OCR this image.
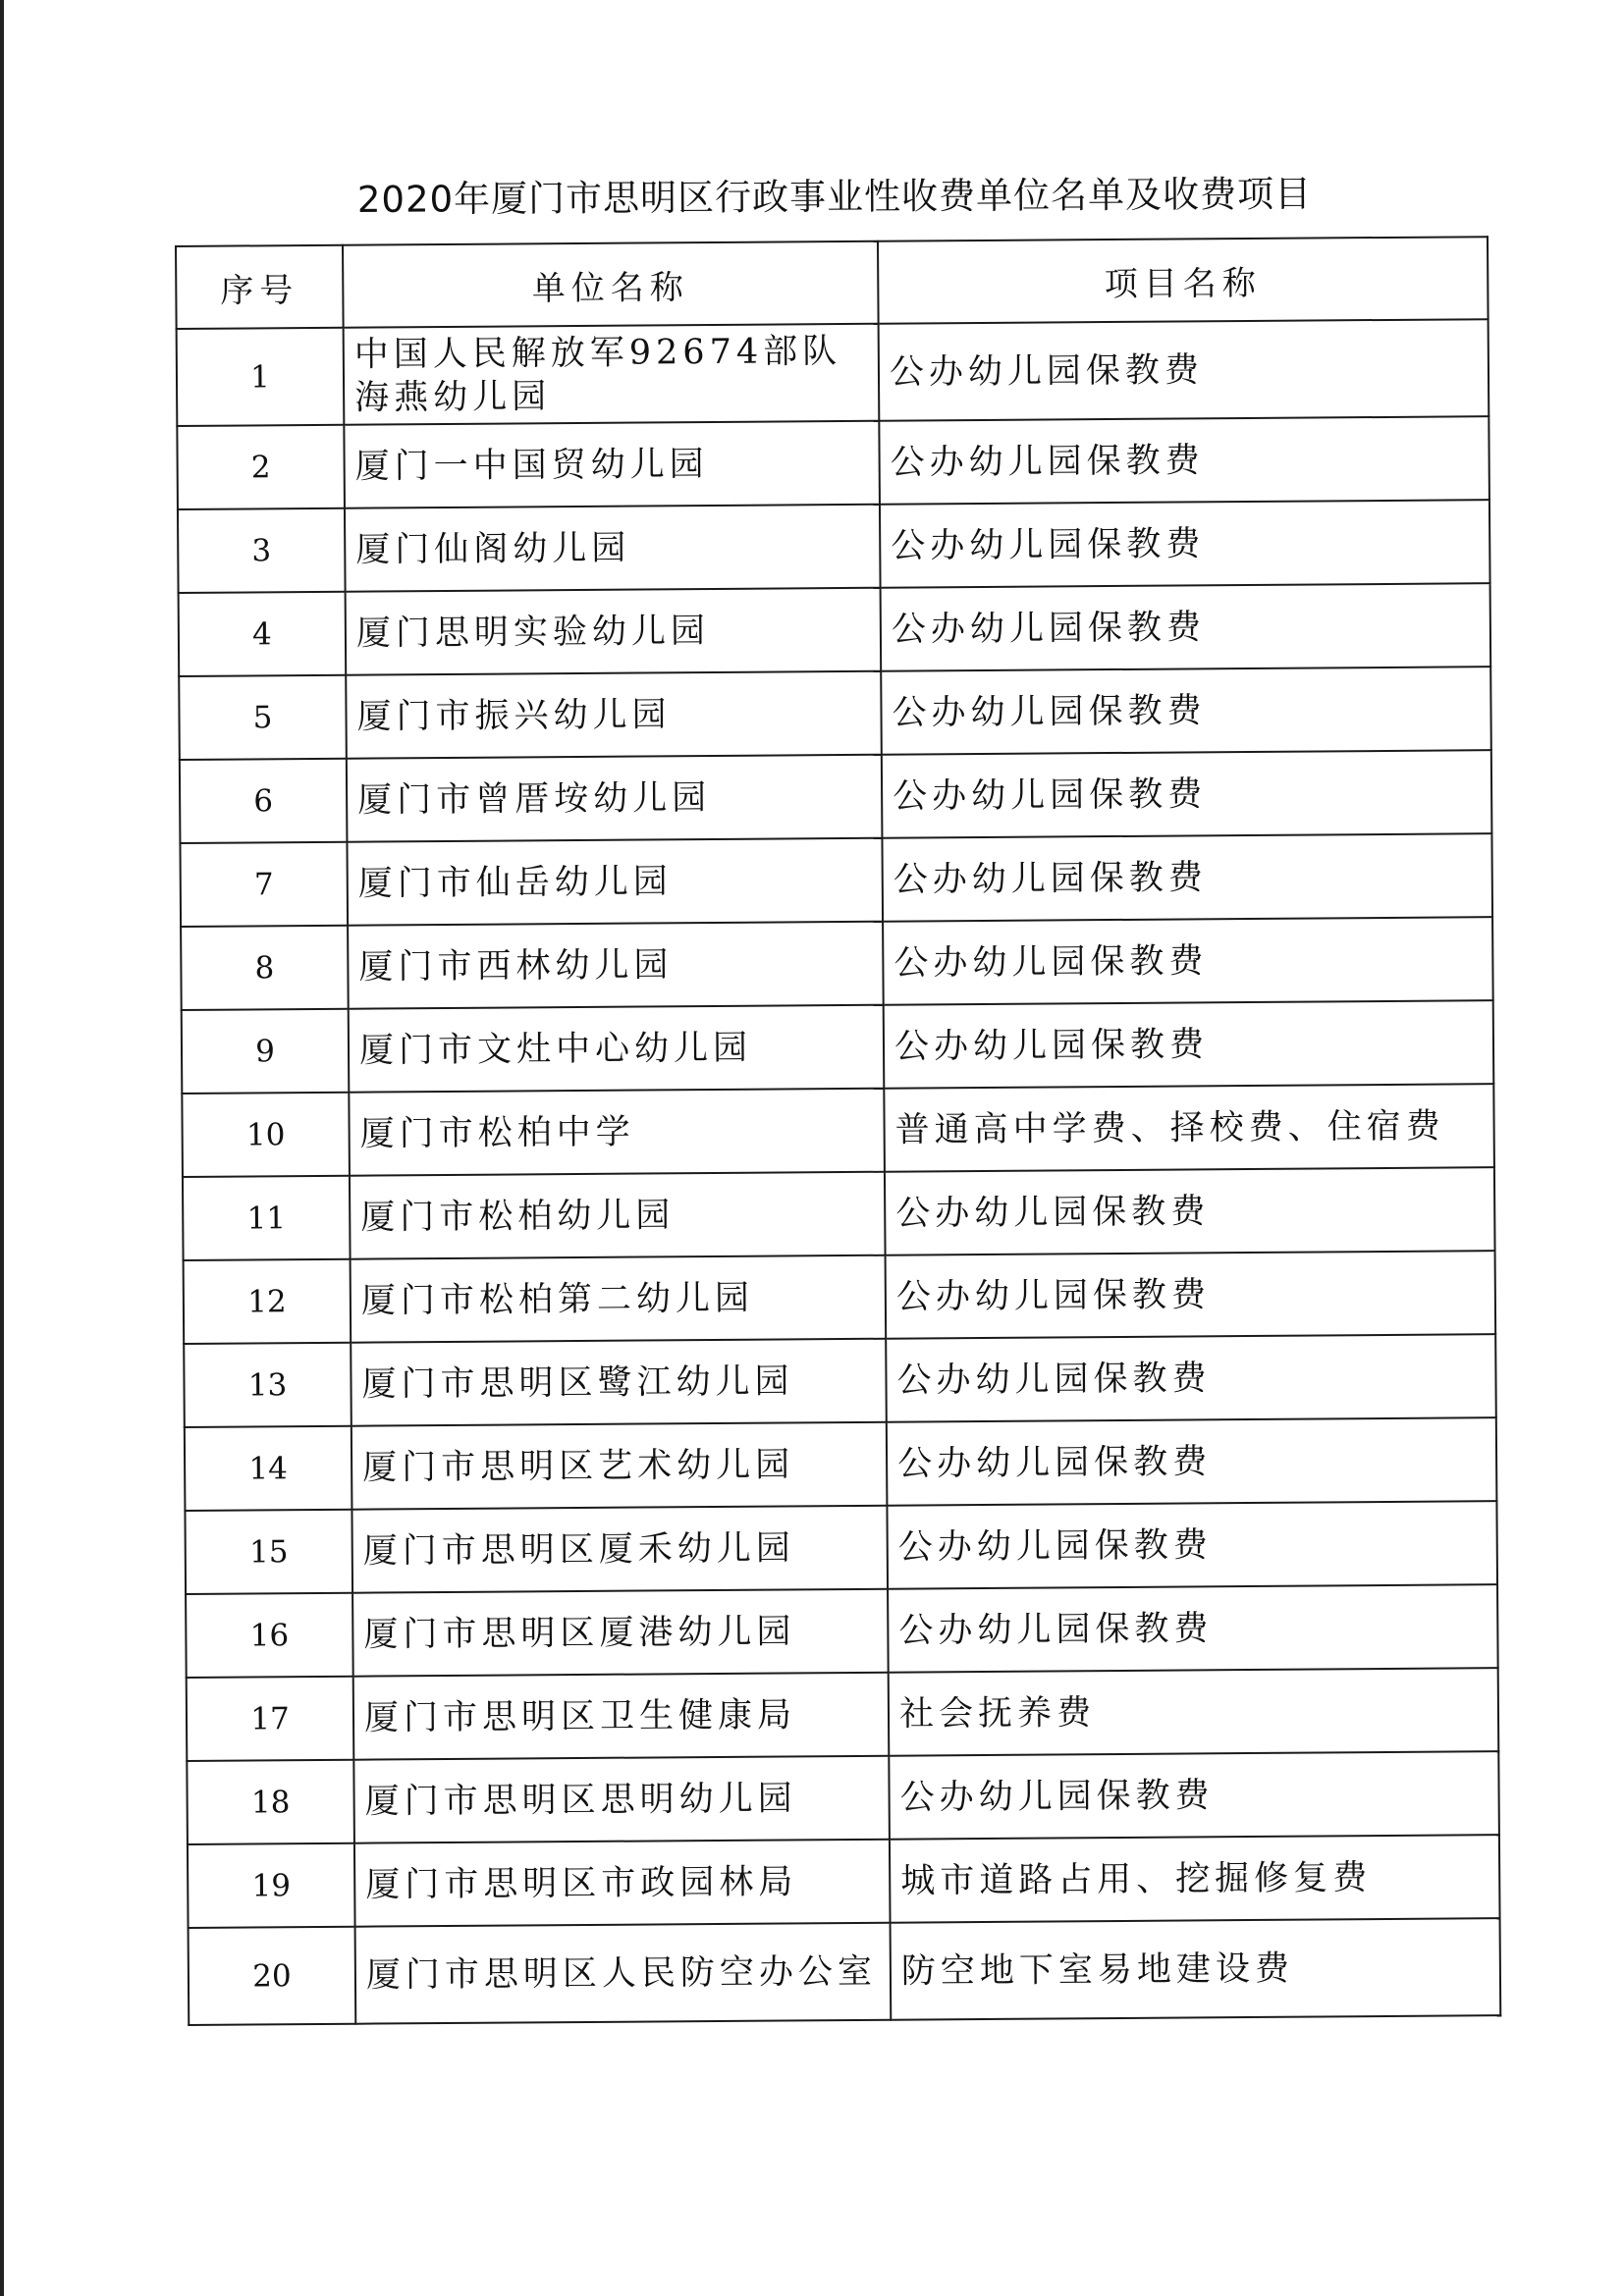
2020年厦门市思明区行政事业性收费单位名单及收费项目
序号	单位名称	项目名称
1	中国人民解放军92674部队海燕幼儿园	公办幼儿园保教费
2	厦门一中国贸幼儿园	公办幼儿园保教费
3	厦门仙阁幼儿园	公办幼儿园保教费
4	厦门思明实验幼儿园	公办幼儿园保教费
5	厦门市振兴幼儿园	公办幼儿园保教费
6	厦门市曾厝垵幼儿园	公办幼儿园保教费
7	厦门市仙岳幼儿园	公办幼儿园保教费
8	厦门市西林幼儿园	公办幼儿园保教费
9	厦门市文灶中心幼儿园	公办幼儿园保教费
10	厦门市松柏中学	普通高中学费、择校费、住宿费
11	厦门市松柏幼儿园	公办幼儿园保教费
12	厦门市松柏第二幼儿园	公办幼儿园保教费
13	厦门市思明区鹭江幼儿园	公办幼儿园保教费
14	厦门市思明区艺术幼儿园	公办幼儿园保教费
15	厦门市思明区厦禾幼儿园	公办幼儿园保教费
16	厦门市思明区厦港幼儿园	公办幼儿园保教费
17	厦门市思明区卫生健康局	社会抚养费
18	厦门市思明区思明幼儿园	公办幼儿园保教费
19	厦门市思明区市政园林局	城市道路占用、挖掘修复费
20	厦门市思明区人民防空办公室	防空地下室易地建设费
